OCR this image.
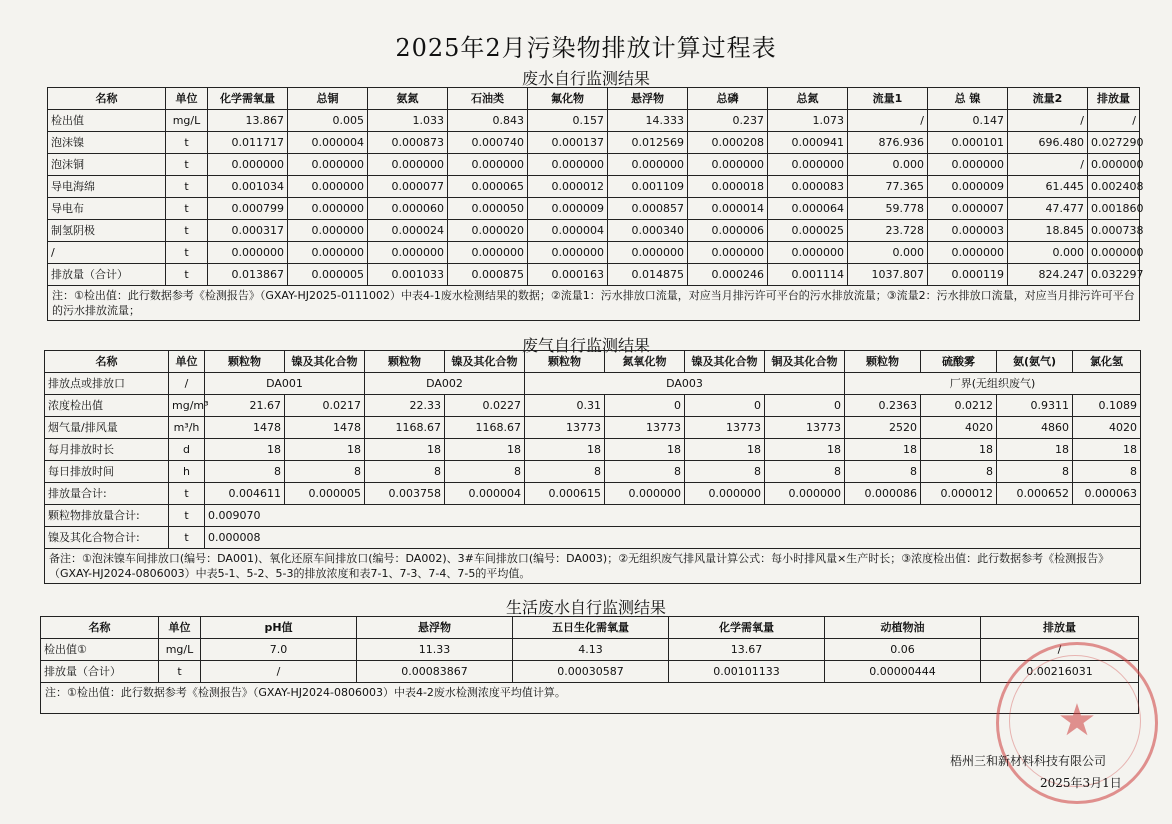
2025年2月污染物排放计算过程表
废水自行监测结果
名称	单位	化学需氧量	总铜	氨氮	石油类	氟化物	悬浮物	总磷	总氮	流量1	总 镍	流量2	排放量
检出值	mg/L	13.867	0.005	1.033	0.843	0.157	14.333	0.237	1.073	/	0.147	/	/
泡沫镍	t	0.011717	0.000004	0.000873	0.000740	0.000137	0.012569	0.000208	0.000941	876.936	0.000101	696.480	0.027290
泡沫铜	t	0.000000	0.000000	0.000000	0.000000	0.000000	0.000000	0.000000	0.000000	0.000	0.000000	/	0.000000
导电海绵	t	0.001034	0.000000	0.000077	0.000065	0.000012	0.001109	0.000018	0.000083	77.365	0.000009	61.445	0.002408
导电布	t	0.000799	0.000000	0.000060	0.000050	0.000009	0.000857	0.000014	0.000064	59.778	0.000007	47.477	0.001860
制氢阴极	t	0.000317	0.000000	0.000024	0.000020	0.000004	0.000340	0.000006	0.000025	23.728	0.000003	18.845	0.000738
/	t	0.000000	0.000000	0.000000	0.000000	0.000000	0.000000	0.000000	0.000000	0.000	0.000000	0.000	0.000000
排放量（合计）	t	0.013867	0.000005	0.001033	0.000875	0.000163	0.014875	0.000246	0.001114	1037.807	0.000119	824.247	0.032297
注：①检出值：此行数据参考《检测报告》（GXAY-HJ2025-0111002）中表4-1废水检测结果的数据；②流量1：污水排放口流量，对应当月排污许可平台的污水排放流量；③流量2：污水排放口流量，对应当月排污许可平台的污水排放流量；													
废气自行监测结果
名称	单位	颗粒物	镍及其化合物	颗粒物	镍及其化合物	颗粒物	氮氧化物	镍及其化合物	铜及其化合物	颗粒物	硫酸雾	氨(氨气)	氯化氢
排放点或排放口	/	DA001		DA002		DA003				厂界(无组织废气)			
浓度检出值	mg/m³	21.67	0.0217	22.33	0.0227	0.31	0	0	0	0.2363	0.0212	0.9311	0.1089
烟气量/排风量	m³/h	1478	1478	1168.67	1168.67	13773	13773	13773	13773	2520	4020	4860	4020
每月排放时长	d	18	18	18	18	18	18	18	18	18	18	18	18
每日排放时间	h	8	8	8	8	8	8	8	8	8	8	8	8
排放量合计:	t	0.004611	0.000005	0.003758	0.000004	0.000615	0.000000	0.000000	0.000000	0.000086	0.000012	0.000652	0.000063
颗粒物排放量合计:	t	0.009070											
镍及其化合物合计:	t	0.000008											
备注：①泡沫镍车间排放口(编号：DA001)、氧化还原车间排放口(编号：DA002)、3#车间排放口(编号：DA003)；②无组织废气排风量计算公式：每小时排风量×生产时长；③浓度检出值：此行数据参考《检测报告》（GXAY-HJ2024-0806003）中表5-1、5-2、5-3的排放浓度和表7-1、7-3、7-4、7-5的平均值。													
生活废水自行监测结果
名称	单位	pH值	悬浮物	五日生化需氧量	化学需氧量	动植物油	排放量
检出值①	mg/L	7.0	11.33	4.13	13.67	0.06	/
排放量（合计）	t	/	0.00083867	0.00030587	0.00101133	0.00000444	0.00216031
注：①检出值：此行数据参考《检测报告》（GXAY-HJ2024-0806003）中表4-2废水检测浓度平均值计算。							
★
梧州三和新材料科技有限公司
2025年3月1日
